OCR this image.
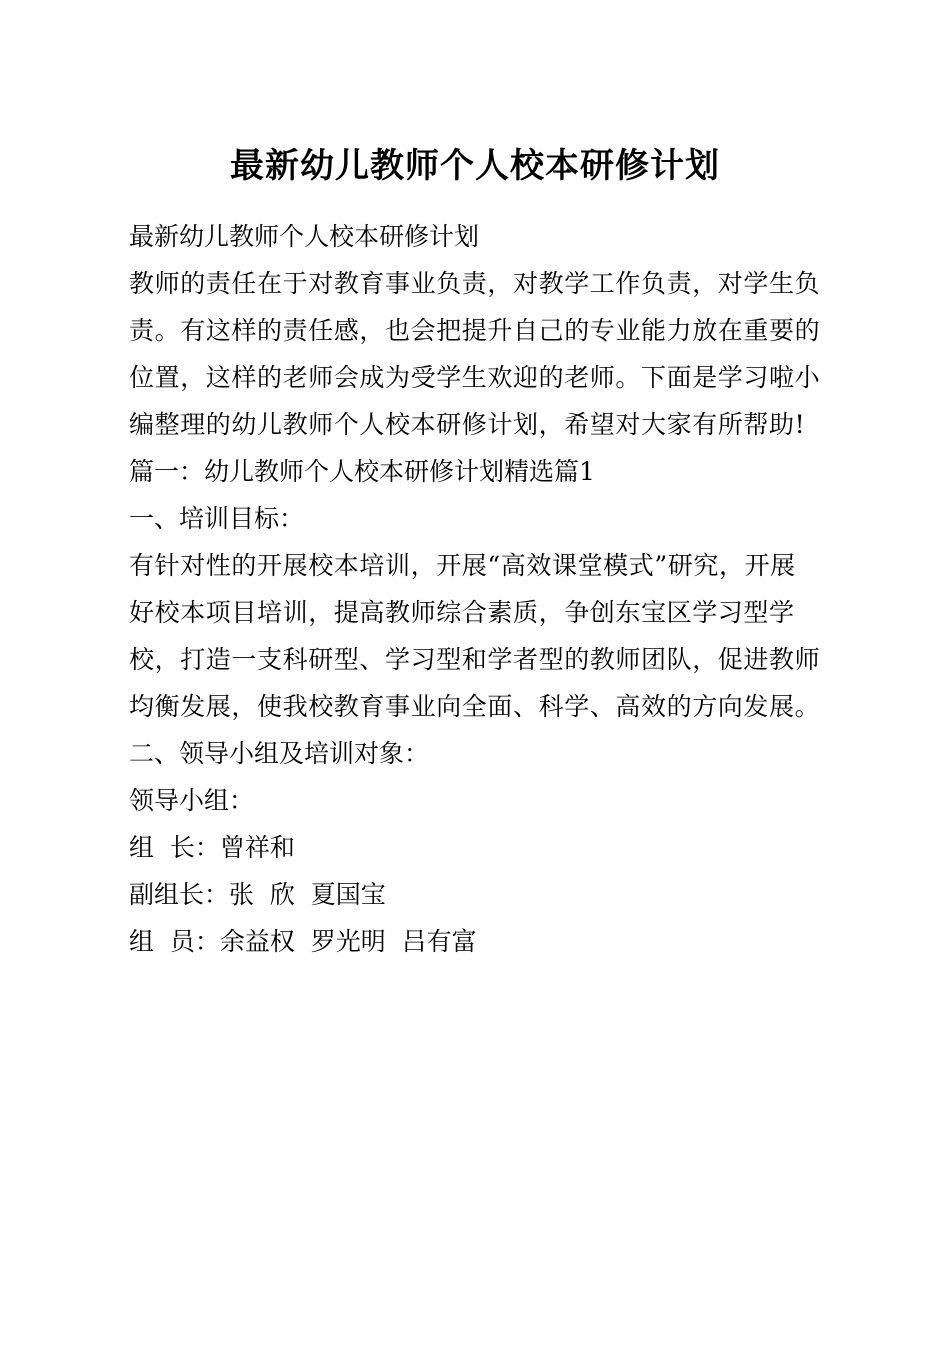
最新幼儿教师个人校本研修计划
最新幼儿教师个人校本研修计划
教师的责任在于对教育事业负责，对教学工作负责，对学生负
责。有这样的责任感，也会把提升自己的专业能力放在重要的
位置，这样的老师会成为受学生欢迎的老师。下面是学习啦小
编整理的幼儿教师个人校本研修计划，希望对大家有所帮助!
篇一：幼儿教师个人校本研修计划精选篇1
一、培训目标：
有针对性的开展校本培训，开展“高效课堂模式”研究，开展
好校本项目培训，提高教师综合素质，争创东宝区学习型学
校，打造一支科研型、学习型和学者型的教师团队，促进教师
均衡发展，使我校教育事业向全面、科学、高效的方向发展。
二、领导小组及培训对象：
领导小组：
组  长：曾祥和
副组长：张  欣  夏国宝
组  员：余益权  罗光明  吕有富
